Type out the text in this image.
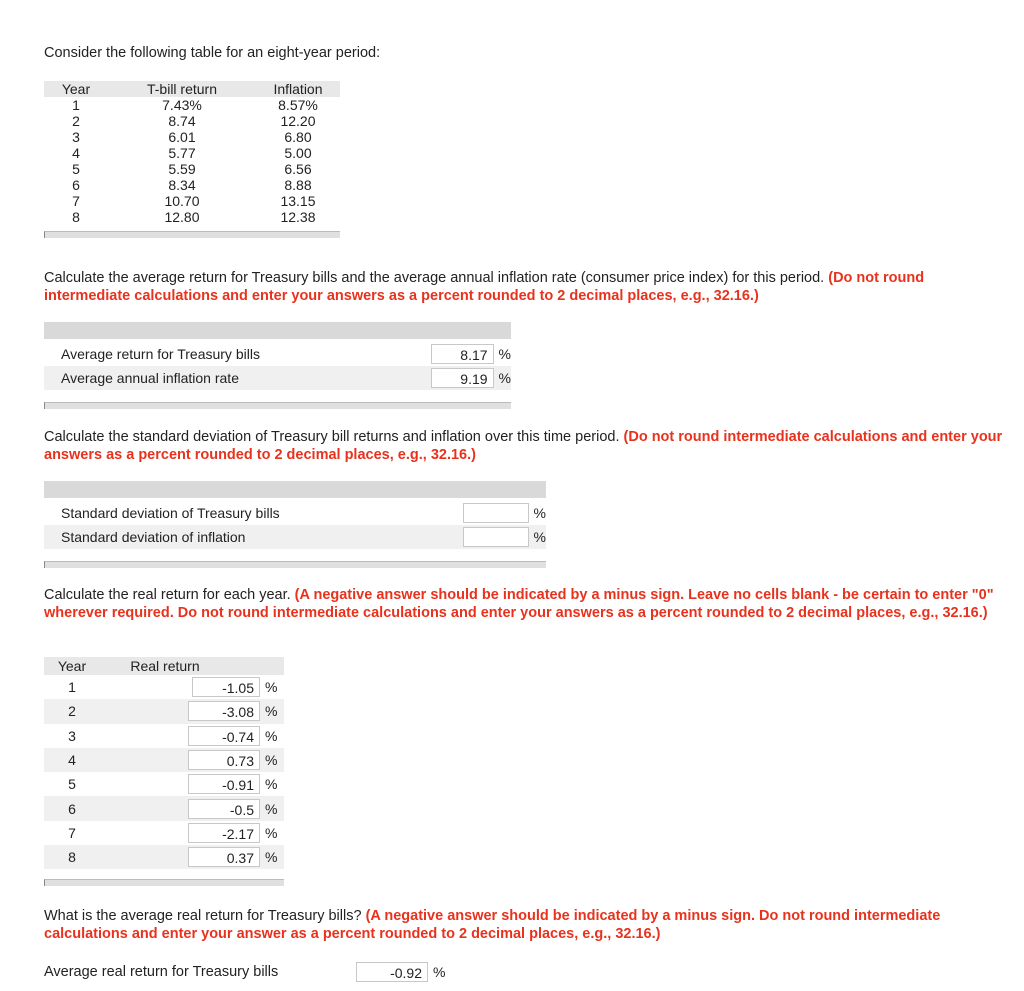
Consider the following table for an eight-year period:
Year	T-bill return	Inflation
1	7.43%	8.57%
2	8.74	12.20
3	6.01	6.80
4	5.77	5.00
5	5.59	6.56
6	8.34	8.88
7	10.70	13.15
8	12.80	12.38
Calculate the average return for Treasury bills and the average annual inflation rate (consumer price index) for this period. (Do not round intermediate calculations and enter your answers as a percent rounded to 2 decimal places, e.g., 32.16.)
Average return for Treasury bills	8.17 %
Average annual inflation rate	9.19 %
Calculate the standard deviation of Treasury bill returns and inflation over this time period. (Do not round intermediate calculations and enter your answers as a percent rounded to 2 decimal places, e.g., 32.16.)
Standard deviation of Treasury bills	%
Standard deviation of inflation	%
Calculate the real return for each year. (A negative answer should be indicated by a minus sign. Leave no cells blank - be certain to enter "0" wherever required. Do not round intermediate calculations and enter your answers as a percent rounded to 2 decimal places, e.g., 32.16.)
Year	Real return
1	-1.05 %
2	-3.08 %
3	-0.74 %
4	0.73 %
5	-0.91 %
6	-0.5 %
7	-2.17 %
8	0.37 %
What is the average real return for Treasury bills? (A negative answer should be indicated by a minus sign. Do not round intermediate calculations and enter your answer as a percent rounded to 2 decimal places, e.g., 32.16.)
Average real return for Treasury bills	-0.92 %
